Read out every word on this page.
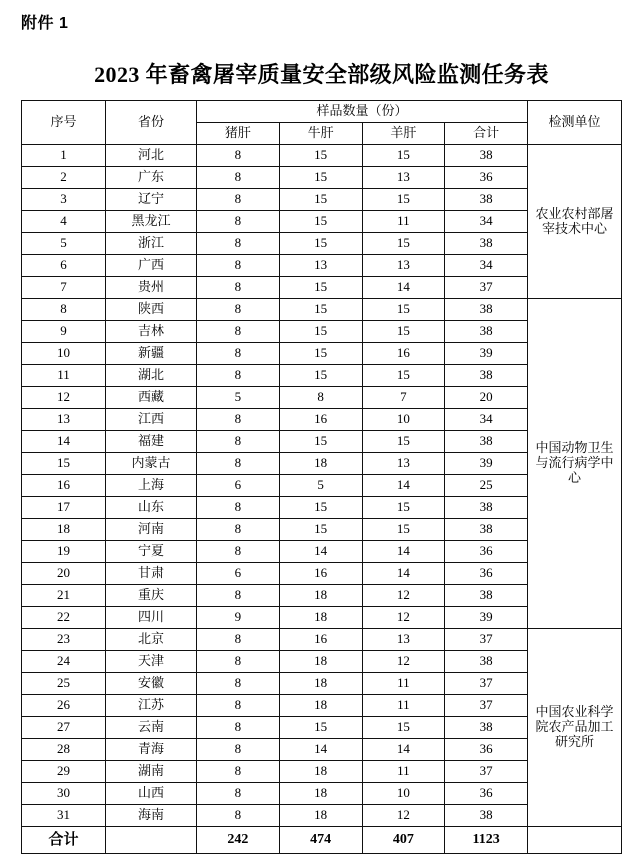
附件 1
2023 年畜禽屠宰质量安全部级风险监测任务表
序号	省份	样品数量（份）				检测单位
		猪肝	牛肝	羊肝	合计	
1	河北	8	15	15	38	农业农村部屠宰技术中心

2	广东	8	15	13	36	
3	辽宁	8	15	15	38	
4	黑龙江	8	15	11	34	
5	浙江	8	15	15	38	
6	广西	8	13	13	34	
7	贵州	8	15	14	37	
8	陕西	8	15	15	38	中国动物卫生与流行病学中心

9	吉林	8	15	15	38	
10	新疆	8	15	16	39	
11	湖北	8	15	15	38	
12	西藏	5	8	7	20	
13	江西	8	16	10	34	
14	福建	8	15	15	38	
15	内蒙古	8	18	13	39	
16	上海	6	5	14	25	
17	山东	8	15	15	38	
18	河南	8	15	15	38	
19	宁夏	8	14	14	36	
20	甘肃	6	16	14	36	
21	重庆	8	18	12	38	
22	四川	9	18	12	39	
23	北京	8	16	13	37	中国农业科学院农产品加工研究所

24	天津	8	18	12	38	
25	安徽	8	18	11	37	
26	江苏	8	18	11	37	
27	云南	8	15	15	38	
28	青海	8	14	14	36	
29	湖南	8	18	11	37	
30	山西	8	18	10	36	
31	海南	8	18	12	38	
合计		242	474	407	1123	
